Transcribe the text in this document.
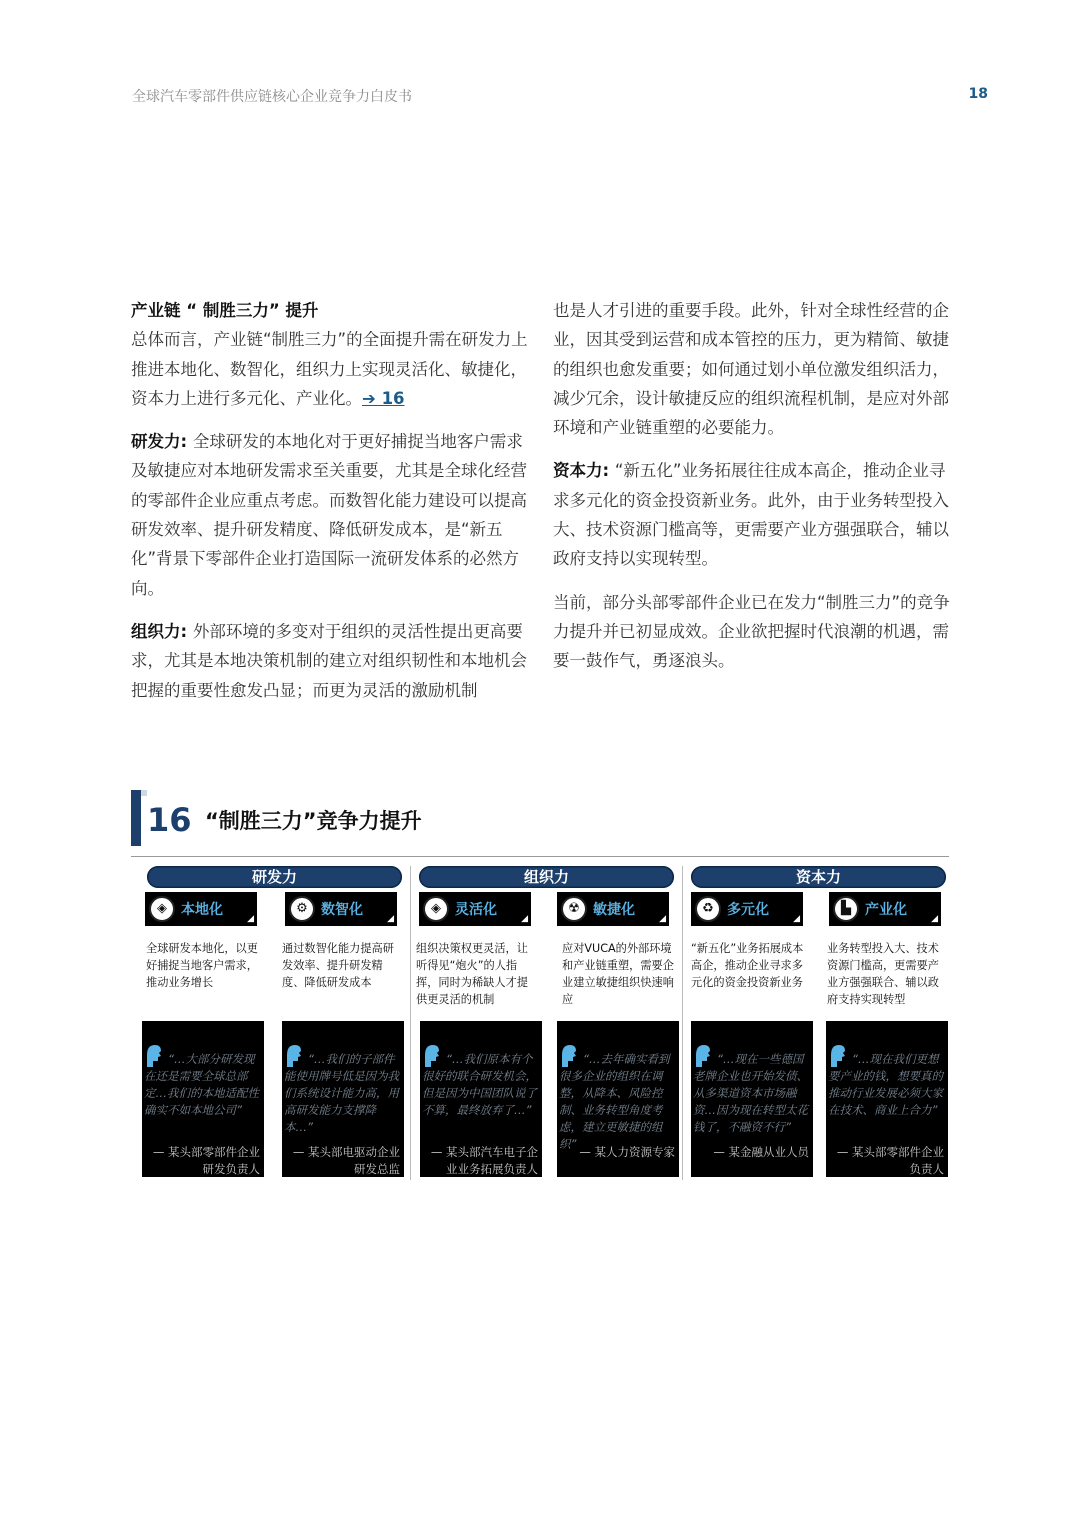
全球汽车零部件供应链核心企业竞争力白皮书	18
产业链 “ 制胜三力” 提升

总体而言，产业链“制胜三力”的全面提升需在研发力上推进本地化、数智化，组织力上实现灵活化、敏捷化，资本力上进行多元化、产业化。➔ 16

研发力: 全球研发的本地化对于更好捕捉当地客户需求及敏捷应对本地研发需求至关重要，尤其是全球化经营的零部件企业应重点考虑。而数智化能力建设可以提高研发效率、提升研发精度、降低研发成本，是“新五化”背景下零部件企业打造国际一流研发体系的必然方向。

组织力: 外部环境的多变对于组织的灵活性提出更高要求，尤其是本地决策机制的建立对组织韧性和本地机会把握的重要性愈发凸显；而更为灵活的激励机制

也是人才引进的重要手段。此外，针对全球性经营的企业，因其受到运营和成本管控的压力，更为精简、敏捷的组织也愈发重要；如何通过划小单位激发组织活力，减少冗余，设计敏捷反应的组织流程机制，是应对外部环境和产业链重塑的必要能力。

资本力: “新五化”业务拓展往往成本高企，推动企业寻求多元化的资金投资新业务。此外，由于业务转型投入大、技术资源门槛高等，更需要产业方强强联合，辅以政府支持以实现转型。

当前，部分头部零部件企业已在发力“制胜三力”的竞争力提升并已初显成效。企业欲把握时代浪潮的机遇，需要一鼓作气，勇逐浪头。

16 “制胜三力”竞争力提升
研发力	组织力	资本力
◈	本地化
◢
全球研发本地化，以更好捕捉当地客户需求，推动业务增长
“…大部分研发现在还是需要全球总部定…我们的本地适配性确实不如本地公司”
— 某头部零部件企业研发负责人
⚙ 数智化
◢
通过数智化能力提高研发效率、提升研发精度、降低研发成本
“…我们的子部件能使用牌号低是因为我们系统设计能力高，用高研发能力支撑降本…”
— 某头部电驱动企业研发总监
◈	灵活化
◢
组织决策权更灵活，让听得见“炮火”的人指挥，同时为稀缺人才提供更灵活的机制
“…我们原本有个很好的联合研发机会，但是因为中国团队说了不算，最终放弃了…”
— 某头部汽车电子企业业务拓展负责人
☢ 敏捷化
◢
应对VUCA的外部环境和产业链重塑，需要企业建立敏捷组织快速响应
“…去年确实看到很多企业的组织在调整，从降本、风险控制、业务转型角度考虑，建立更敏捷的组织”
— 某人力资源专家
♻ 多元化
◢
“新五化”业务拓展成本高企，推动企业寻求多元化的资金投资新业务
“…现在一些德国老牌企业也开始发债、从多渠道资本市场融资…因为现在转型太花钱了，不融资不行”
— 某金融从业人员
▙	产业化
◢
业务转型投入大、技术资源门槛高，更需要产业方强强联合、辅以政府支持实现转型
“…现在我们更想要产业的钱，想要真的推动行业发展必须大家在技术、商业上合力”
— 某头部零部件企业负责人
